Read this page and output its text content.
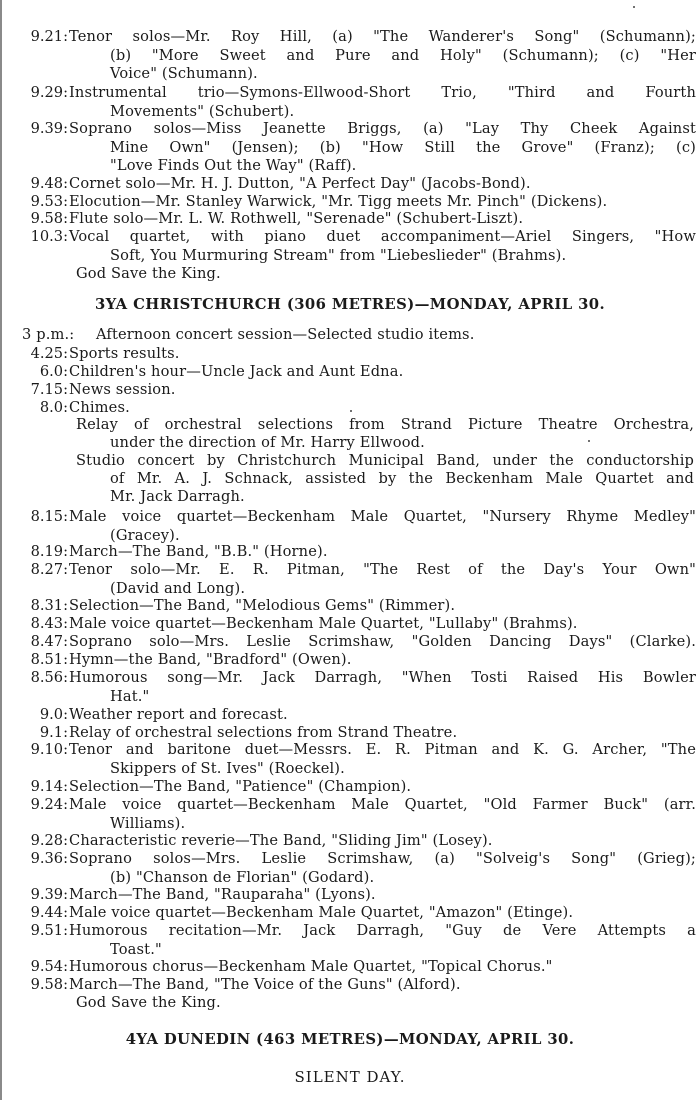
9.21: Tenor solos—Mr. Roy Hill, (a) "The Wanderer's Song" (Schumann);
(b) "More Sweet and Pure and Holy" (Schumann); (c) "Her
Voice" (Schumann).
9.29: Instrumental trio—Symons-Ellwood-Short Trio, "Third and Fourth
Movements" (Schubert).
9.39: Soprano solos—Miss Jeanette Briggs, (a) "Lay Thy Cheek Against
Mine Own" (Jensen); (b) "How Still the Grove" (Franz); (c)
"Love Finds Out the Way" (Raff).
9.48: Cornet solo—Mr. H. J. Dutton, "A Perfect Day" (Jacobs-Bond).
9.53: Elocution—Mr. Stanley Warwick, "Mr. Tigg meets Mr. Pinch" (Dickens).
9.58: Flute solo—Mr. L. W. Rothwell, "Serenade" (Schubert-Liszt).
10.3: Vocal quartet, with piano duet accompaniment—Ariel Singers, "How
Soft, You Murmuring Stream" from "Liebeslieder" (Brahms).
God Save the King.
3YA CHRISTCHURCH (306 METRES)—MONDAY, APRIL 30.
3 p.m.: Afternoon concert session—Selected studio items.
4.25: Sports results.
6.0: Children's hour—Uncle Jack and Aunt Edna.
7.15: News session.
8.0: Chimes.
Relay of orchestral selections from Strand Picture Theatre Orchestra,
under the direction of Mr. Harry Ellwood.
Studio concert by Christchurch Municipal Band, under the conductorship
of Mr. A. J. Schnack, assisted by the Beckenham Male Quartet and
Mr. Jack Darragh.
8.15: Male voice quartet—Beckenham Male Quartet, "Nursery Rhyme Medley"
(Gracey).
8.19: March—The Band, "B.B." (Horne).
8.27: Tenor solo—Mr. E. R. Pitman, "The Rest of the Day's Your Own"
(David and Long).
8.31: Selection—The Band, "Melodious Gems" (Rimmer).
8.43: Male voice quartet—Beckenham Male Quartet, "Lullaby" (Brahms).
8.47: Soprano solo—Mrs. Leslie Scrimshaw, "Golden Dancing Days" (Clarke).
8.51: Hymn—the Band, "Bradford" (Owen).
8.56: Humorous song—Mr. Jack Darragh, "When Tosti Raised His Bowler
Hat."
9.0: Weather report and forecast.
9.1: Relay of orchestral selections from Strand Theatre.
9.10: Tenor and baritone duet—Messrs. E. R. Pitman and K. G. Archer, "The
Skippers of St. Ives" (Roeckel).
9.14: Selection—The Band, "Patience" (Champion).
9.24: Male voice quartet—Beckenham Male Quartet, "Old Farmer Buck" (arr.
Williams).
9.28: Characteristic reverie—The Band, "Sliding Jim" (Losey).
9.36: Soprano solos—Mrs. Leslie Scrimshaw, (a) "Solveig's Song" (Grieg);
(b) "Chanson de Florian" (Godard).
9.39: March—The Band, "Rauparaha" (Lyons).
9.44: Male voice quartet—Beckenham Male Quartet, "Amazon" (Etinge).
9.51: Humorous recitation—Mr. Jack Darragh, "Guy de Vere Attempts a
Toast."
9.54: Humorous chorus—Beckenham Male Quartet, "Topical Chorus."
9.58: March—The Band, "The Voice of the Guns" (Alford).
God Save the King.
4YA DUNEDIN (463 METRES)—MONDAY, APRIL 30.
SILENT DAY.
